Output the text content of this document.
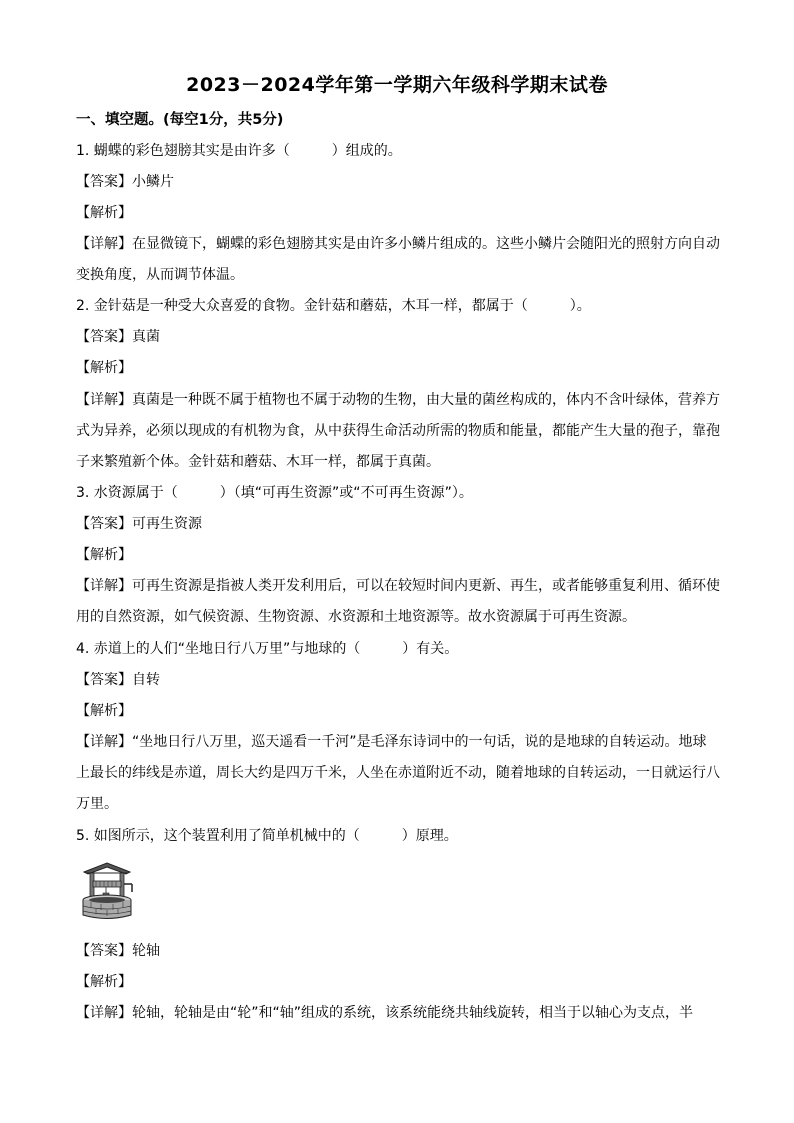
2023－2024学年第一学期六年级科学期末试卷
一、填空题。(每空1分，共5分)
1. 蝴蝶的彩色翅膀其实是由许多（　　　）组成的。
【答案】小鳞片
【解析】
【详解】在显微镜下，蝴蝶的彩色翅膀其实是由许多小鳞片组成的。这些小鳞片会随阳光的照射方向自动
变换角度，从而调节体温。
2. 金针菇是一种受大众喜爱的食物。金针菇和蘑菇，木耳一样，都属于（　　　）。
【答案】真菌
【解析】
【详解】真菌是一种既不属于植物也不属于动物的生物，由大量的菌丝构成的，体内不含叶绿体，营养方
式为异养，必须以现成的有机物为食，从中获得生命活动所需的物质和能量，都能产生大量的孢子，靠孢
子来繁殖新个体。金针菇和蘑菇、木耳一样，都属于真菌。
3. 水资源属于（　　　）（填“可再生资源”或“不可再生资源”）。
【答案】可再生资源
【解析】
【详解】可再生资源是指被人类开发利用后，可以在较短时间内更新、再生，或者能够重复利用、循环使
用的自然资源，如气候资源、生物资源、水资源和土地资源等。故水资源属于可再生资源。
4. 赤道上的人们“坐地日行八万里”与地球的（　　　）有关。
【答案】自转
【解析】
【详解】“坐地日行八万里，巡天遥看一千河”是毛泽东诗词中的一句话，说的是地球的自转运动。地球
上最长的纬线是赤道，周长大约是四万千米，人坐在赤道附近不动，随着地球的自转运动，一日就运行八
万里。
5. 如图所示，这个装置利用了简单机械中的（　　　）原理。
【答案】轮轴
【解析】
【详解】轮轴，轮轴是由“轮”和“轴”组成的系统，该系统能绕共轴线旋转，相当于以轴心为支点，半
